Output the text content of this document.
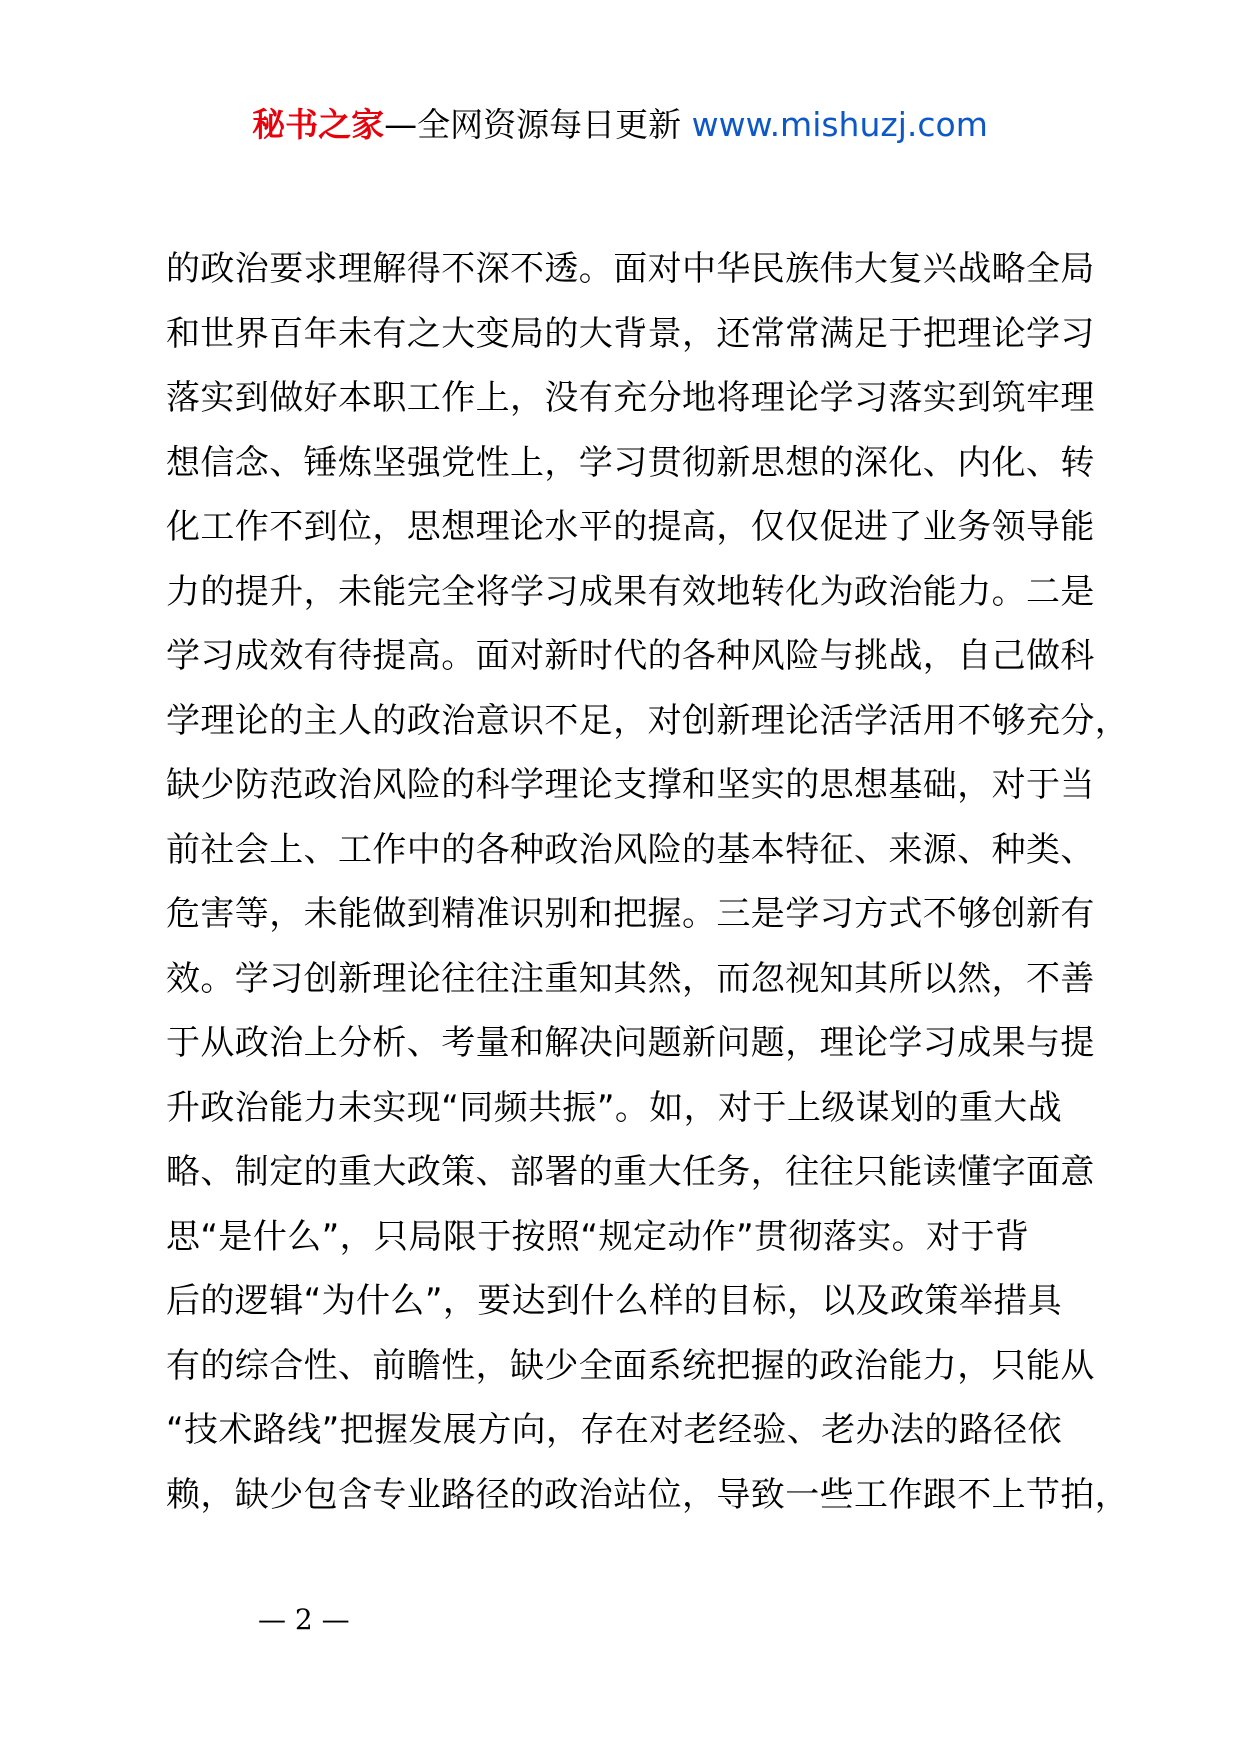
秘书之家—全网资源每日更新 www.mishuzj.com
的政治要求理解得不深不透。面对中华民族伟大复兴战略全局
和世界百年未有之大变局的大背景，还常常满足于把理论学习
落实到做好本职工作上，没有充分地将理论学习落实到筑牢理
想信念、锤炼坚强党性上，学习贯彻新思想的深化、内化、转
化工作不到位，思想理论水平的提高，仅仅促进了业务领导能
力的提升，未能完全将学习成果有效地转化为政治能力。二是
学习成效有待提高。面对新时代的各种风险与挑战，自己做科
学理论的主人的政治意识不足，对创新理论活学活用不够充分，
缺少防范政治风险的科学理论支撑和坚实的思想基础，对于当
前社会上、工作中的各种政治风险的基本特征、来源、种类、
危害等，未能做到精准识别和把握。三是学习方式不够创新有
效。学习创新理论往往注重知其然，而忽视知其所以然，不善
于从政治上分析、考量和解决问题新问题，理论学习成果与提
升政治能力未实现“同频共振”。如，对于上级谋划的重大战
略、制定的重大政策、部署的重大任务，往往只能读懂字面意
思“是什么”，只局限于按照“规定动作”贯彻落实。对于背
后的逻辑“为什么”，要达到什么样的目标，以及政策举措具
有的综合性、前瞻性，缺少全面系统把握的政治能力，只能从
“技术路线”把握发展方向，存在对老经验、老办法的路径依
赖，缺少包含专业路径的政治站位，导致一些工作跟不上节拍，
— 2 —
